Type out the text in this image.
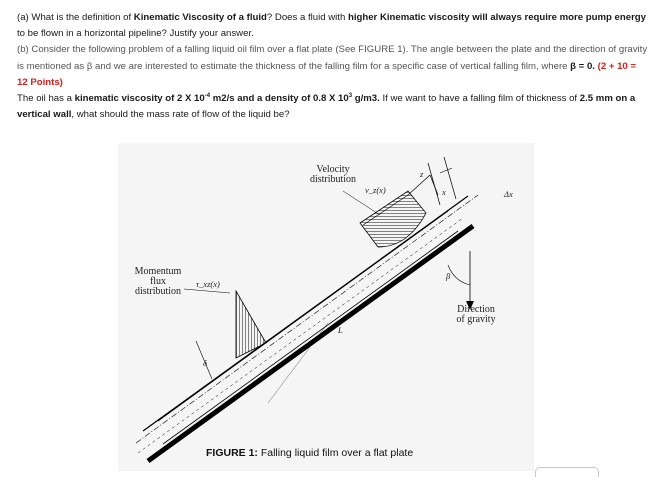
(a) What is the definition of Kinematic Viscosity of a fluid? Does a fluid with higher Kinematic viscosity will always require more pump energy to be flown in a horizontal pipeline? Justify your answer.

(b) Consider the following problem of a falling liquid oil film over a flat plate (See FIGURE 1). The angle between the plate and the direction of gravity is mentioned as β and we are interested to estimate the thickness of the falling film for a specific case of vertical falling film, where β = 0. (2 + 10 = 12 Points)

The oil has a kinematic viscosity of 2 X $10^{-4}$ m2/s and a density of 0.8 X $10^3$ g/m3. If we want to have a falling film of thickness of 2.5 mm on a vertical wall, what should the mass rate of flow of the liquid be?

Velocity
distribution
v_z(x)
Momentum
flux
distribution
τ_xz(x)
Direction
of gravity
Δx
L
δ
β
z
x
FIGURE 1: Falling liquid film over a flat plate
